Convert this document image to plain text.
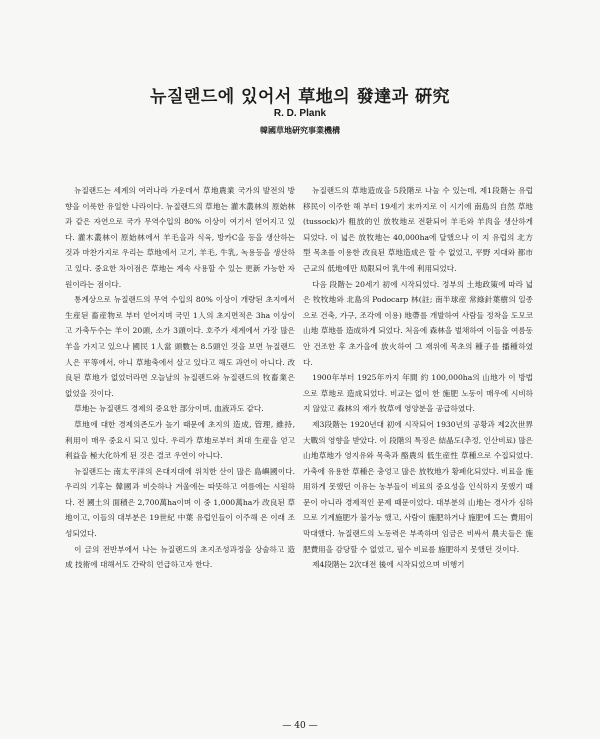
뉴질랜드에 있어서 草地의 發達과 硏究
R. D. Plank
韓國草地硏究事業機構

뉴질랜드는 세계의 여러나라 가운데서 草地農業 국가의 발전의 방향을 이룩한 유일한 나라이다. 뉴질랜드의 草地는 灌木叢林의 原始林과 같은 자연으로 국가 무역수입의 80% 이상이 여기서 얻어지고 있다. 灌木叢林이 原始林에서 羊毛을과 식육, 방카C을 등을 생산하는 것과 마찬가지로 우리는 草地에서 고기, 羊毛, 牛乳, 녹용등을 생산하고 있다. 중요한 차이점은 草地는 계속 사용할 수 있는 更新 가능한 자원이라는 점이다.

통계상으로 뉴질랜드의 무역 수입의 80% 이상이 개량된 초지에서 生産된 畜産物로 부터 얻어지며 국민 1人의 초지면적은 3ha 이상이고 가축두수는 羊이 20頭, 소가 3頭이다. 호주가 세계에서 가장 많은 羊을 가지고 있으나 國民 1人當 頭數는 8.5頭인 것을 보면 뉴질랜드人은 平等에서, 아니 草地축에서 살고 있다고 해도 과언이 아니다. 改良된 草地가 없었더라면 오늘날의 뉴질랜드와 뉴질랜드의 牧畜業은 없었을 것이다.

草地는 뉴질랜드 경제의 중요한 部分이며, 血液과도 같다.

草地에 대한 경제의존도가 높기 때문에 초지의 造成, 管理, 維持, 利用이 매우 중요시 되고 있다. 우리가 草地로부터 최대 生産을 얻고 利益을 極大化하게 된 것은 결코 우연이 아니다.

뉴질랜드는 南太平洋의 온대지대에 위치한 산이 많은 島嶼國이다. 우리의 기후는 韓國과 비슷하나 겨울에는 따뜻하고 여름에는 시원하다. 전 國土의 面積은 2,700萬ha이며 이 중 1,000萬ha가 改良된 草地이고, 이들의 대부분은 19世紀 中葉 유럽인들이 이주해 온 이래 조성되었다.

이 글의 전반부에서 나는 뉴질랜드의 초지조성과정을 상술하고 造成 技術에 대해서도 간략히 언급하고자 한다.

뉴질랜드의 草地造成을 5段階로 나눌 수 있는데, 제1段階는 유럽 移民이 이주한 해 부터 19세기 末까지로 이 시기에 南島의 自然 草地(tussock)가 粗放的인 放牧地로 전환되어 羊毛와 羊肉을 생산하게 되었다. 이 넓은 放牧地는 40,000ha에 달했으나 이 지 유럽의 北方型 목초를 이용한 改良된 草地造成은 할 수 없었고, 平野 지대와 都市 근교의 低地에만 局限되어 乳牛에 利用되었다.

다음 段階는 20세기 初에 시작되었다. 정부의 土地政策에 따라 넓은 牧牧地와 北島의 Podocarp 林(註; 南半球産 常綠針葉樹의 일종으로 건축, 가구, 조각에 이용) 地帶를 개발하여 사람들 정착을 도모코 山地 草地를 造成하게 되었다. 처음에 森林을 벌채하여 이들을 여름동안 건조한 후 초가을에 放火하여 그 재위에 목초의 種子를 播種하였다.

1900年부터 1925年까지 年間 約 100,000ha의 山地가 이 방법으로 草地로 造成되었다. 비교는 없이 한 施肥 노동이 매우에 시비하지 않았고 森林의 재가 牧草에 영양분을 공급하였다.

제3段階는 1920년대 初에 시작되어 1930년의 공황과 제2次世界大戰의 영향을 받았다. 이 段階의 특징은 結晶도(추정, 인산비료) 많은 山地草地가 영지유와 목축과 酪農의 低生産性 草種으로 수집되었다. 가축에 유용한 草種은 충엉고 많은 放牧地가 황폐化되었다. 비료을 施用하게 못했던 이유는 농부들이 비료의 중요성을 인식하지 못했기 때문이 아니라 경제적인 문제 때문이었다. 대부분의 山地는 경사가 심하므로 기계施肥가 불가능 했고, 사람이 施肥하거나 施肥에 드는 費用이 막대했다. 뉴질랜드의 노동력은 부족하며 임금은 비싸서 農夫들은 施肥費用을 감당할 수 없었고, 필수 비료를 施肥하지 못했던 것이다.

제4段階는 2次대전 後에 시작되었으며 비행기

— 40 —
